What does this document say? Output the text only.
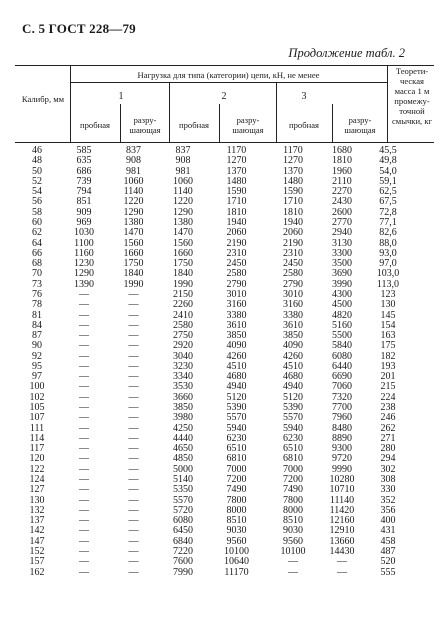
С. 5 ГОСТ 228—79
Продолжение табл. 2
Калибр, мм
Нагрузка для типа (категории) цепи, кН, не менее
1	2	3
пробная	разру-шающая	пробная	разру-шающая	пробная	разру-шающая
Теорети-ческая масса 1 м промежу-точной смычки, кг
46	585	837	837	1170	1170	1680	45,5
48	635	908	908	1270	1270	1810	49,8
50	686	981	981	1370	1370	1960	54,0
52	739	1060	1060	1480	1480	2110	59,1
54	794	1140	1140	1590	1590	2270	62,5
56	851	1220	1220	1710	1710	2430	67,5
58	909	1290	1290	1810	1810	2600	72,8
60	969	1380	1380	1940	1940	2770	77,1
62	1030	1470	1470	2060	2060	2940	82,6
64	1100	1560	1560	2190	2190	3130	88,0
66	1160	1660	1660	2310	2310	3300	93,0
68	1230	1750	1750	2450	2450	3500	97,0
70	1290	1840	1840	2580	2580	3690	103,0
73	1390	1990	1990	2790	2790	3990	113,0
76	—	—	2150	3010	3010	4300	123
78	—	—	2260	3160	3160	4500	130
81	—	—	2410	3380	3380	4820	145
84	—	—	2580	3610	3610	5160	154
87	—	—	2750	3850	3850	5500	163
90	—	—	2920	4090	4090	5840	175
92	—	—	3040	4260	4260	6080	182
95	—	—	3230	4510	4510	6440	193
97	—	—	3340	4680	4680	6690	201
100	—	—	3530	4940	4940	7060	215
102	—	—	3660	5120	5120	7320	224
105	—	—	3850	5390	5390	7700	238
107	—	—	3980	5570	5570	7960	246
111	—	—	4250	5940	5940	8480	262
114	—	—	4440	6230	6230	8890	271
117	—	—	4650	6510	6510	9300	280
120	—	—	4850	6810	6810	9720	294
122	—	—	5000	7000	7000	9990	302
124	—	—	5140	7200	7200	10280	308
127	—	—	5350	7490	7490	10710	330
130	—	—	5570	7800	7800	11140	352
132	—	—	5720	8000	8000	11420	356
137	—	—	6080	8510	8510	12160	400
142	—	—	6450	9030	9030	12910	431
147	—	—	6840	9560	9560	13660	458
152	—	—	7220	10100	10100	14430	487
157	—	—	7600	10640	—	—	520
162	—	—	7990	11170	—	—	555
